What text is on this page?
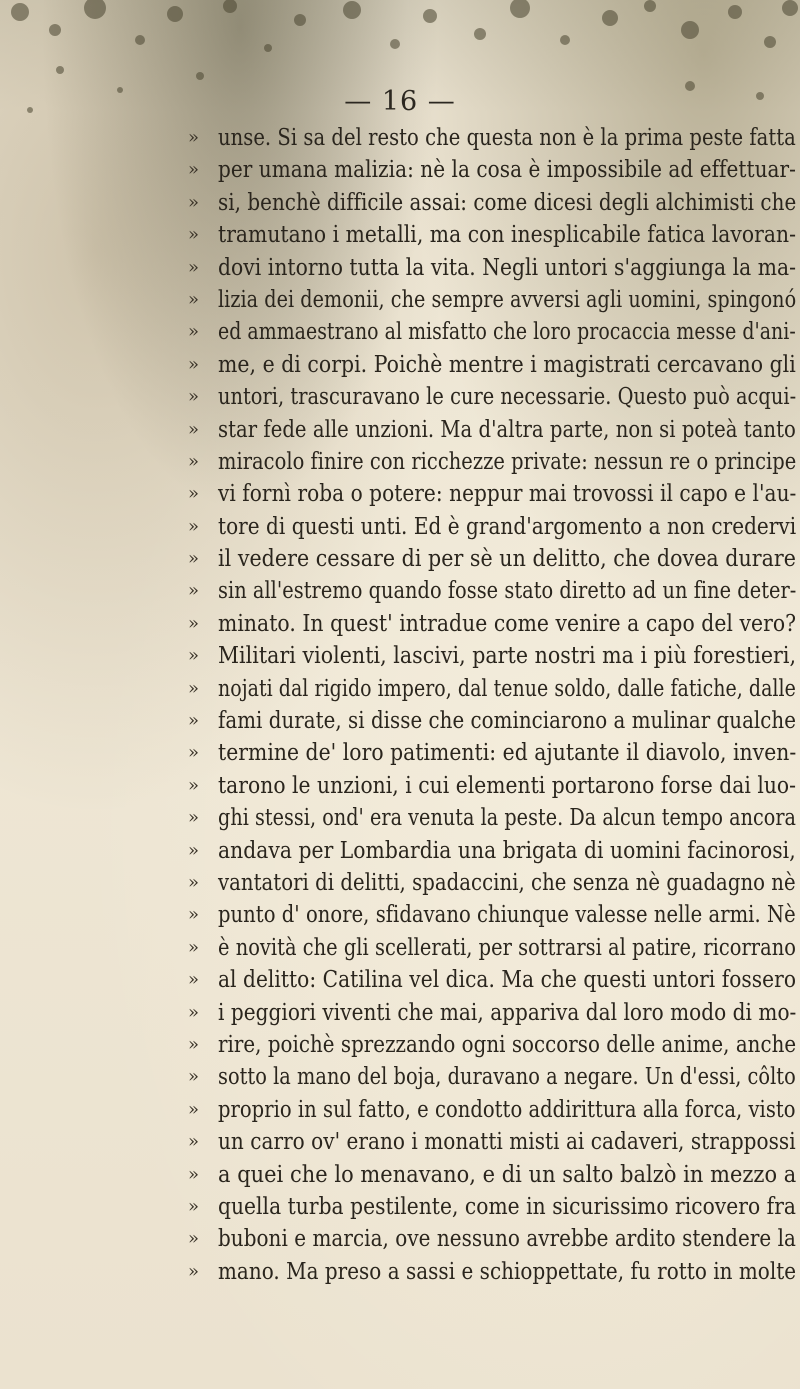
— 16 —
» unse. Si sa del resto che questa non è la prima peste fatta
» per umana malizia: nè la cosa è impossibile ad effettuar-
» si, benchè difficile assai: come dicesi degli alchimisti che
» tramutano i metalli, ma con inesplicabile fatica lavoran-
» dovi intorno tutta la vita. Negli untori s'aggiunga la ma-
» lizia dei demonii, che sempre avversi agli uomini, spingonó
» ed ammaestrano al misfatto che loro procaccia messe d'ani-
» me, e di corpi. Poichè mentre i magistrati cercavano gli
» untori, trascuravano le cure necessarie. Questo può acqui-
» star fede alle unzioni. Ma d'altra parte, non si poteà tanto
» miracolo finire con ricchezze private: nessun re o principe
» vi fornì roba o potere: neppur mai trovossi il capo e l'au-
» tore di questi unti. Ed è grand'argomento a non credervi
» il vedere cessare di per sè un delitto, che dovea durare
» sin all'estremo quando fosse stato diretto ad un fine deter-
» minato. In quest' intradue come venire a capo del vero?
» Militari violenti, lascivi, parte nostri ma i più forestieri,
» nojati dal rigido impero, dal tenue soldo, dalle fatiche, dalle
» fami durate, si disse che cominciarono a mulinar qualche
» termine de' loro patimenti: ed ajutante il diavolo, inven-
» tarono le unzioni, i cui elementi portarono forse dai luo-
» ghi stessi, ond' era venuta la peste. Da alcun tempo ancora
» andava per Lombardia una brigata di uomini facinorosi,
» vantatori di delitti, spadaccini, che senza nè guadagno nè
» punto d' onore, sfidavano chiunque valesse nelle armi. Nè
» è novità che gli scellerati, per sottrarsi al patire, ricorrano
» al delitto: Catilina vel dica. Ma che questi untori fossero
» i peggiori viventi che mai, appariva dal loro modo di mo-
» rire, poichè sprezzando ogni soccorso delle anime, anche
» sotto la mano del boja, duravano a negare. Un d'essi, côlto
» proprio in sul fatto, e condotto addirittura alla forca, visto
» un carro ov' erano i monatti misti ai cadaveri, strappossi
» a quei che lo menavano, e di un salto balzò in mezzo a
» quella turba pestilente, come in sicurissimo ricovero fra
» buboni e marcia, ove nessuno avrebbe ardito stendere la
» mano. Ma preso a sassi e schioppettate, fu rotto in molte
